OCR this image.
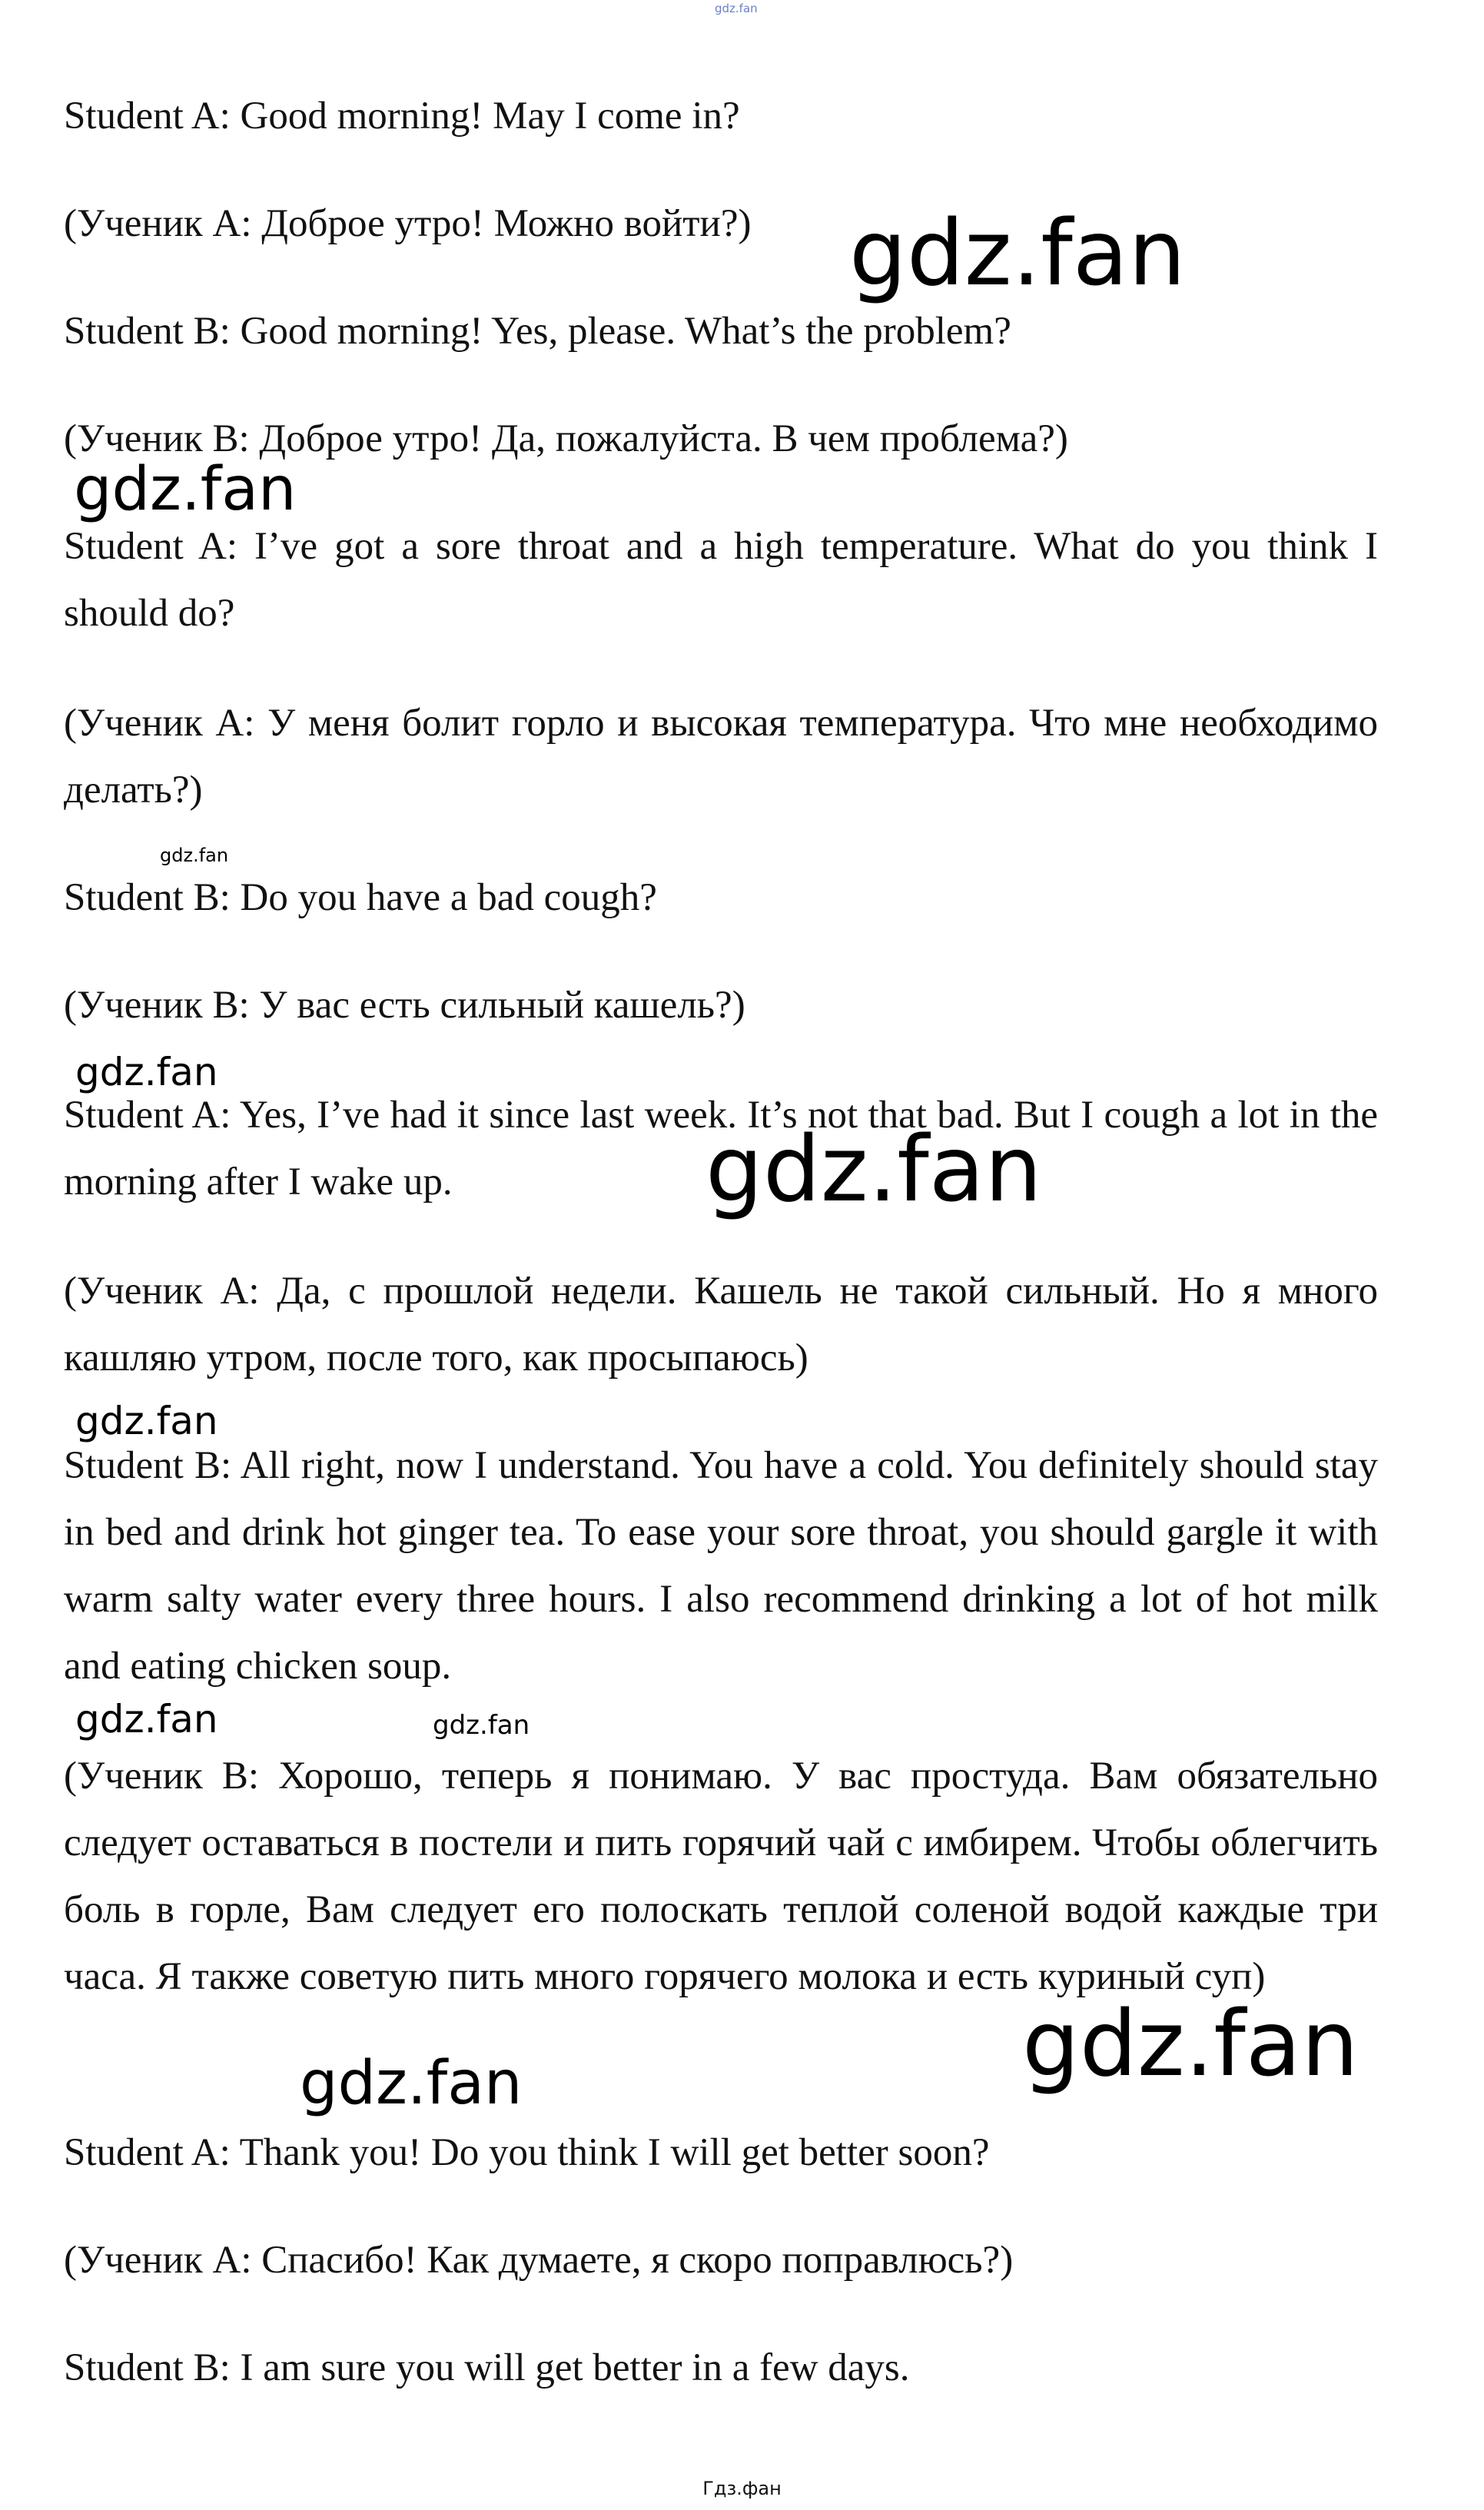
gdz.fan

Student A: Good morning! May I come in?

(Ученик A: Доброе утро! Можно войти?)

Student B: Good morning! Yes, please. What’s the problem?

(Ученик B: Доброе утро! Да, пожалуйста. В чем проблема?)

Student A: I’ve got a sore throat and a high temperature. What do you think I should do?

(Ученик A: У меня болит горло и высокая температура. Что мне необходимо делать?)

Student B: Do you have a bad cough?

(Ученик B: У вас есть сильный кашель?)

Student A: Yes, I’ve had it since last week. It’s not that bad. But I cough a lot in the morning after I wake up.

(Ученик A: Да, с прошлой недели. Кашель не такой сильный. Но я много кашляю утром, после того, как просыпаюсь)

Student B: All right, now I understand. You have a cold. You definitely should stay in bed and drink hot ginger tea. To ease your sore throat, you should gargle it with warm salty water every three hours. I also recommend drinking a lot of hot milk and eating chicken soup.

(Ученик B: Хорошо, теперь я понимаю. У вас простуда. Вам обязательно следует оставаться в постели и пить горячий чай с имбирем. Чтобы облегчить боль в горле, Вам следует его полоскать теплой соленой водой каждые три часа. Я также советую пить много горячего молока и есть куриный суп)

Student A: Thank you! Do you think I will get better soon?

(Ученик A: Спасибо! Как думаете, я скоро поправлюсь?)

Student B: I am sure you will get better in a few days.

gdz.fan
gdz.fan
gdz.fan
gdz.fan
gdz.fan
gdz.fan
gdz.fan	gdz.fan
gdz.fan
gdz.fan
Гдз.фан
